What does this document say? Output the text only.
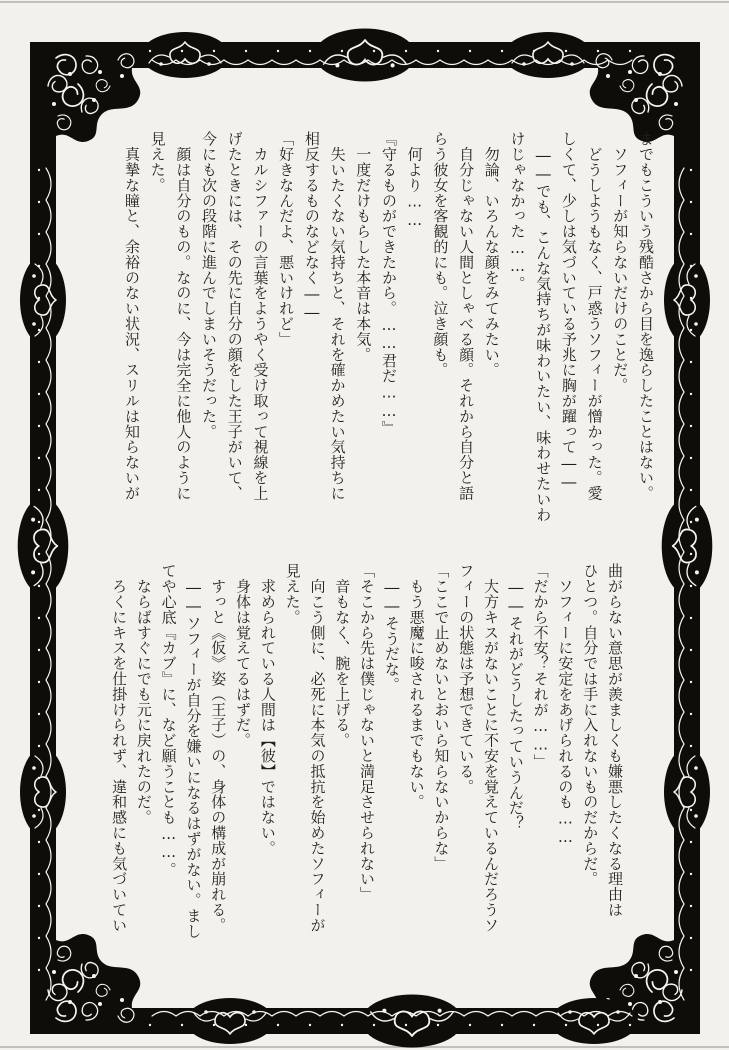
までもこういう残酷さから目を逸らしたことはない。
　ソフィーが知らないだけのことだ。
　どうしようもなく、戸惑うソフィーが憎かった。愛
しくて、少しは気づいている予兆に胸が躍って――
　――でも、こんな気持ちが味わいたい、味わせたいわ
けじゃなかった……。
　勿論、いろんな顔をみてみたい。
　自分じゃない人間としゃべる顔。それから自分と語
らう彼女を客観的にも。泣き顔も。
　何より……
『守るものができたから。……君だ……』
　一度だけもらした本音は本気。
　失いたくない気持ちと、それを確かめたい気持ちに
相反するものなどなく――
「好きなんだよ、悪いけれど」
　カルシファーの言葉をようやく受け取って視線を上
げたときには、その先に自分の顔をした王子がいて、
今にも次の段階に進んでしまいそうだった。
　顔は自分のもの。なのに、今は完全に他人のように
見えた。
　真摯な瞳と、余裕のない状況、スリルは知らないが
曲がらない意思が羨ましくも嫌悪したくなる理由は
ひとつ。自分では手に入れないものだからだ。
　ソフィーに安定をあげられるのも……
「だから不安？それが……」
　――それがどうしたっていうんだ？
　大方キスがないことに不安を覚えているんだろうソ
フィーの状態は予想できている。
「ここで止めないとおいら知らないからな」
　もう悪魔に唆されるまでもない。
　――そうだな。
「そこから先は僕じゃないと満足させられない」
　音もなく、腕を上げる。
　向こう側に、必死に本気の抵抗を始めたソフィーが
見えた。
　求められている人間は【彼】ではない。
　身体は覚えてるはずだ。
　すっと《仮》姿（王子）の、身体の構成が崩れる。
　――ソフィーが自分を嫌いになるはずがない。まし
てや心底『カブ』に、など願うことも……。
　ならばすぐにでも元に戻れたのだ。
　ろくにキスを仕掛けられず、違和感にも気づいてい
